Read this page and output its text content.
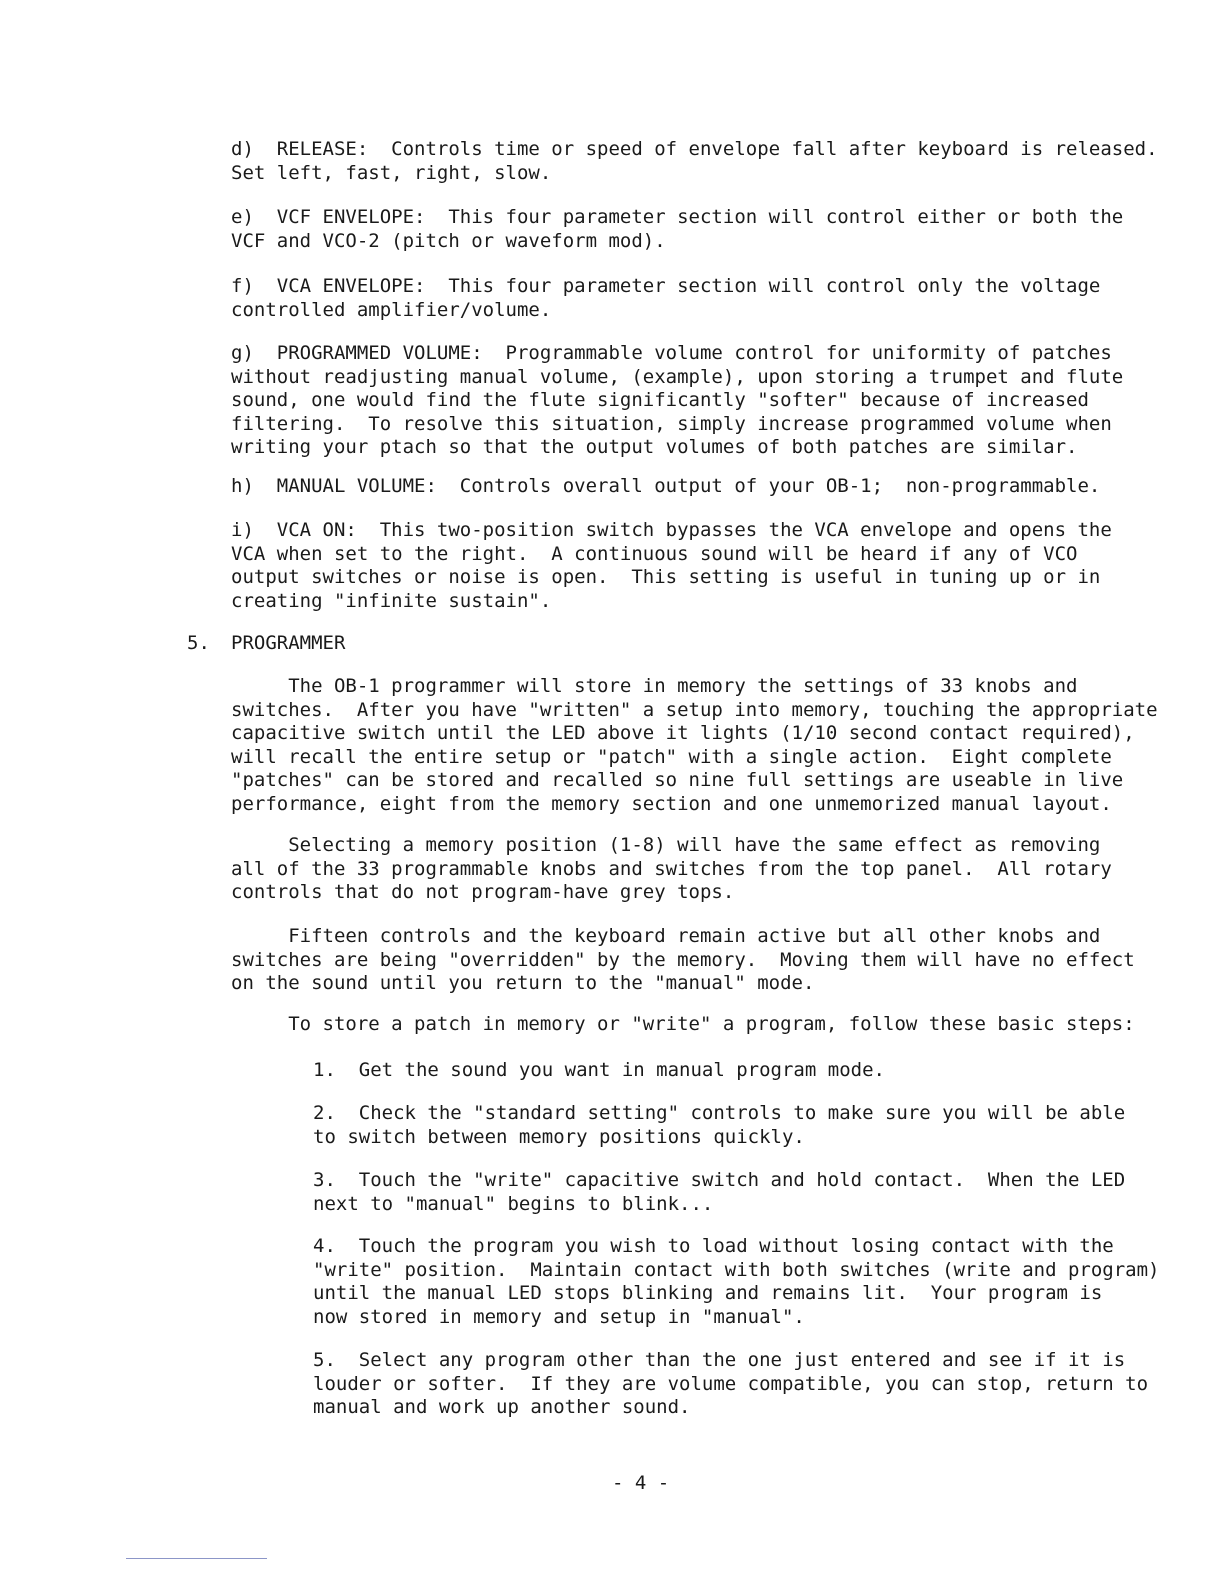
d)  RELEASE:  Controls time or speed of envelope fall after keyboard is released.
Set left, fast, right, slow.

e)  VCF ENVELOPE:  This four parameter section will control either or both the
VCF and VCO-2 (pitch or waveform mod).

f)  VCA ENVELOPE:  This four parameter section will control only the voltage
controlled amplifier/volume.

g)  PROGRAMMED VOLUME:  Programmable volume control for uniformity of patches
without readjusting manual volume, (example), upon storing a trumpet and flute
sound, one would find the flute significantly "softer" because of increased
filtering.  To resolve this situation, simply increase programmed volume when
writing your ptach so that the output volumes of both patches are similar.

h)  MANUAL VOLUME:  Controls overall output of your OB-1;  non-programmable.

i)  VCA ON:  This two-position switch bypasses the VCA envelope and opens the
VCA when set to the right.  A continuous sound will be heard if any of VCO
output switches or noise is open.  This setting is useful in tuning up or in
creating "infinite sustain".

5. PROGRAMMER

The OB-1 programmer will store in memory the settings of 33 knobs and
switches.  After you have "written" a setup into memory, touching the appropriate
capacitive switch until the LED above it lights (1/10 second contact required),
will recall the entire setup or "patch" with a single action.  Eight complete
"patches" can be stored and recalled so nine full settings are useable in live
performance, eight from the memory section and one unmemorized manual layout.

Selecting a memory position (1-8) will have the same effect as removing
all of the 33 programmable knobs and switches from the top panel.  All rotary
controls that do not program-have grey tops.

Fifteen controls and the keyboard remain active but all other knobs and
switches are being "overridden" by the memory.  Moving them will have no effect
on the sound until you return to the "manual" mode.

To store a patch in memory or "write" a program, follow these basic steps:

1.  Get the sound you want in manual program mode.

2.  Check the "standard setting" controls to make sure you will be able
to switch between memory positions quickly.

3.  Touch the "write" capacitive switch and hold contact.  When the LED
next to "manual" begins to blink...

4.  Touch the program you wish to load without losing contact with the
"write" position.  Maintain contact with both switches (write and program)
until the manual LED stops blinking and remains lit.  Your program is
now stored in memory and setup in "manual".

5.  Select any program other than the one just entered and see if it is
louder or softer.  If they are volume compatible, you can stop, return to
manual and work up another sound.

- 4 -
